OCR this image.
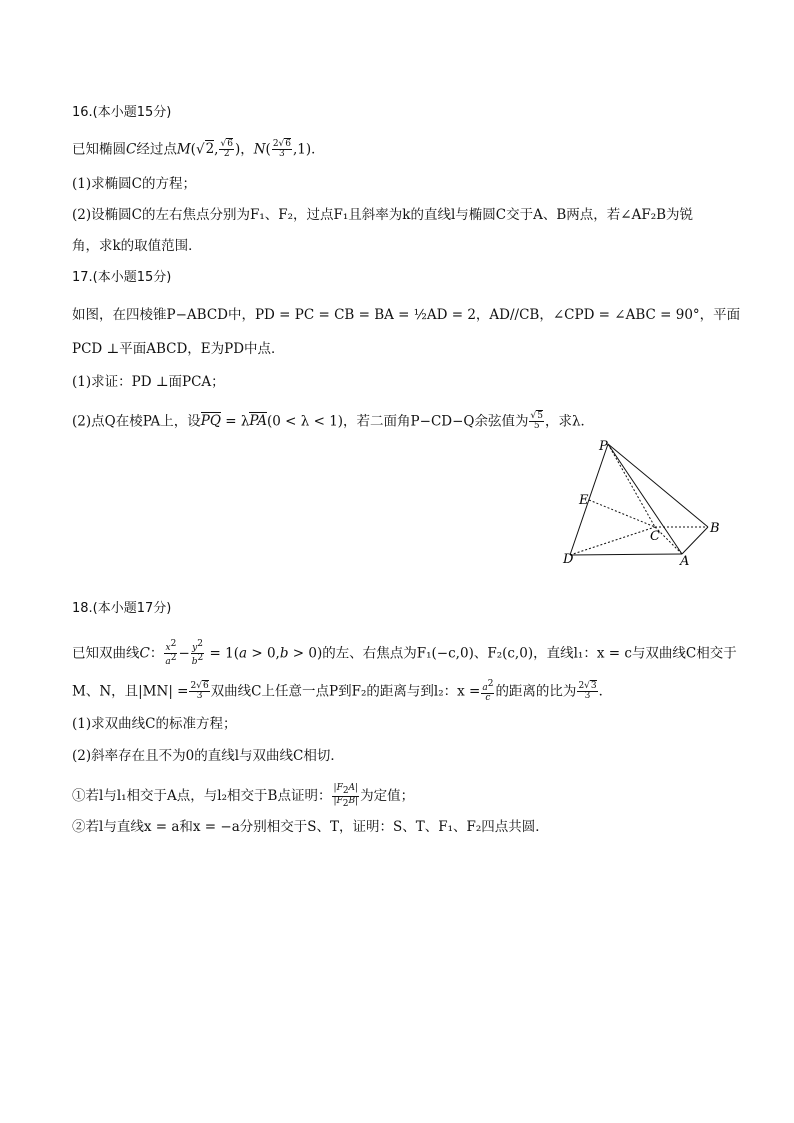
16.(本小题15分)
已知椭圆C经过点M(√2, $\frac{√6}{2}$ )，$N( \frac{2√6}{3} ,1)$．
(1)求椭圆C的方程；
(2)设椭圆C的左右焦点分别为F₁、F₂，过点F₁且斜率为k的直线l与椭圆C交于A、B两点，若∠AF₂B为锐
角，求k的取值范围．
17.(本小题15分)
如图，在四棱锥P−ABCD中，PD = PC = CB = BA = ½AD = 2，AD//CB，∠CPD = ∠ABC = 90°，平面
PCD ⊥平面ABCD，E为PD中点．
(1)求证：PD ⊥面PCA；
(2)点Q在棱PA上，设PQ = λPA(0 < λ < 1)，若二面角P−CD−Q余弦值为 $\frac{√5}{5}$ ，求λ．
P
E
C
B
D	A
18.(本小题17分)
已知双曲线C： $\frac{x^2}{a^2} - \frac{y^2}{b^2} = 1(a > 0,b > 0)$的左、右焦点为F₁(−c,0)、F₂(c,0)，直线l₁：x = c与双曲线C相交于
M、N，且$|MN| = \frac{2√6}{3}$ 双曲线C上任意一点P到F₂的距离与到l₂：$x = \frac{a^2}{c}$ 的距离的比为 $\frac{2√3}{3}$ ．
(1)求双曲线C的标准方程；
(2)斜率存在且不为0的直线l与双曲线C相切．
①若l与l₁相交于A点，与l₂相交于B点证明： $\frac{|F_2A|}{|F_2B|}$ 为定值；
②若l与直线x = a和x = −a分别相交于S、T，证明：S、T、F₁、F₂四点共圆．
